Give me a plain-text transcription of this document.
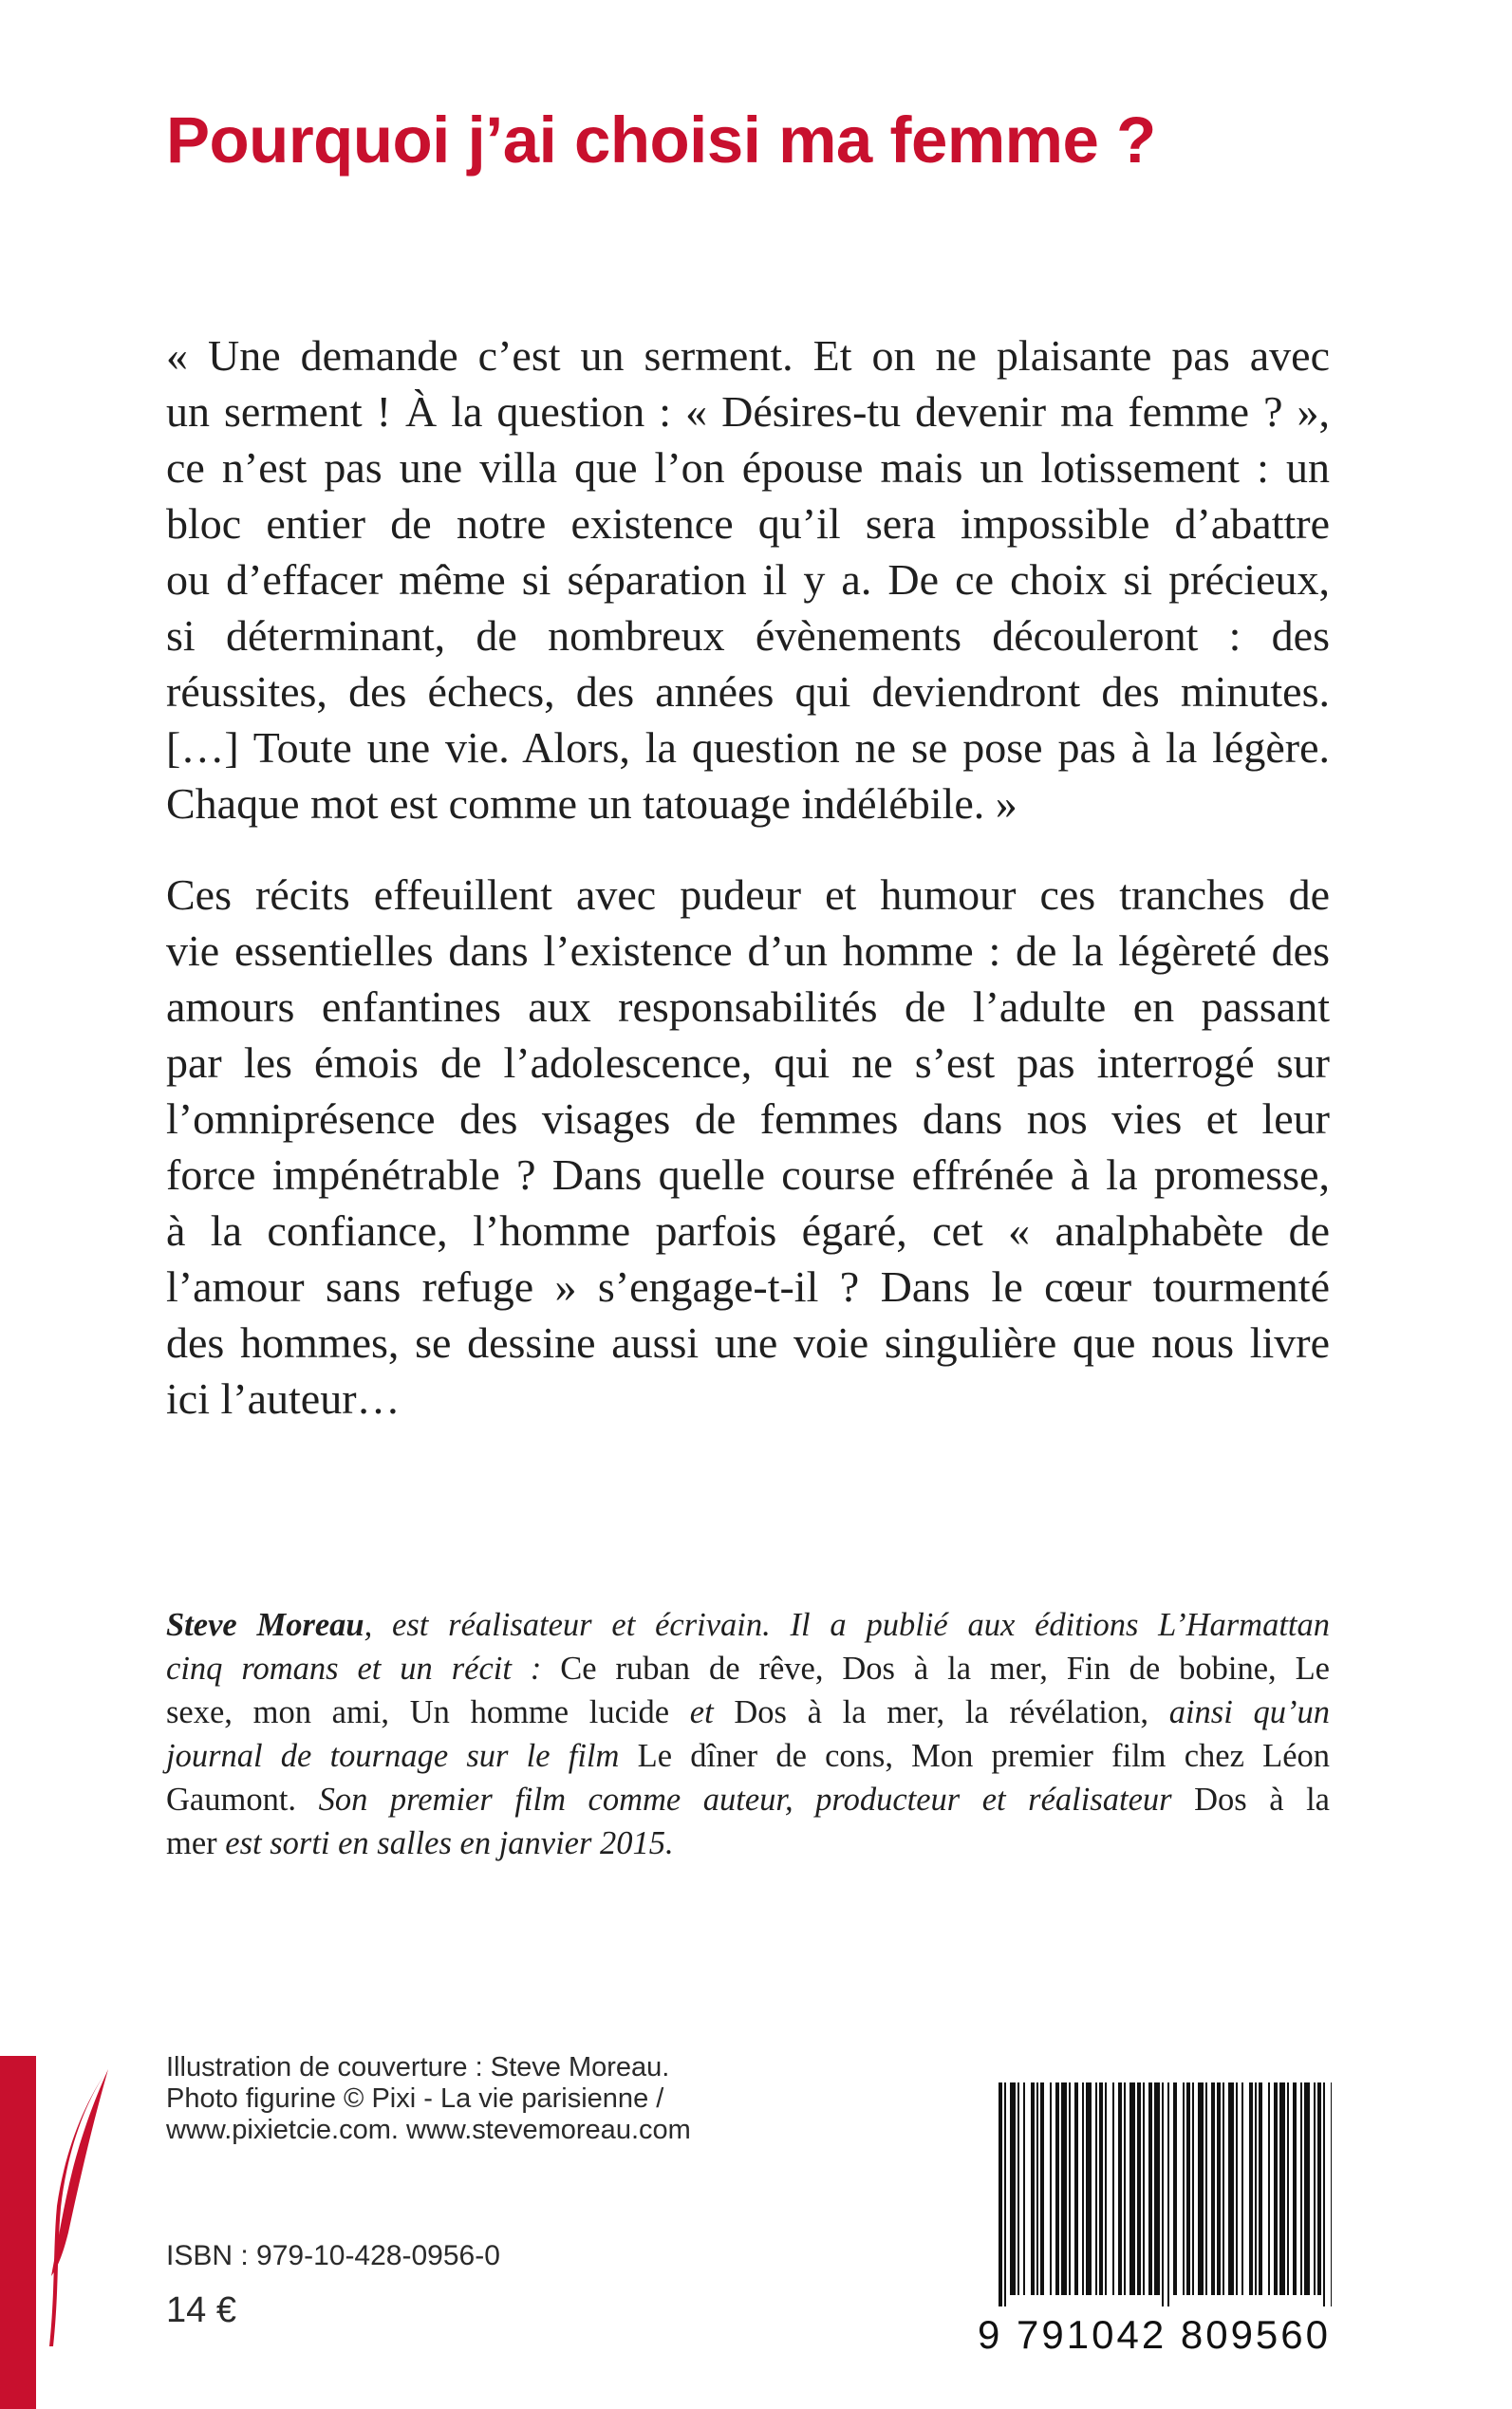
Pourquoi j’ai choisi ma femme ?

« Une demande c’est un serment. Et on ne plaisante pas avec
un serment ! À la question : « Désires-tu devenir ma femme ? »,
ce n’est pas une villa que l’on épouse mais un lotissement : un
bloc entier de notre existence qu’il sera impossible d’abattre
ou d’effacer même si séparation il y a. De ce choix si précieux,
si déterminant, de nombreux évènements découleront : des
réussites, des échecs, des années qui deviendront des minutes.
[…] Toute une vie. Alors, la question ne se pose pas à la légère.
Chaque mot est comme un tatouage indélébile. »

Ces récits effeuillent avec pudeur et humour ces tranches de
vie essentielles dans l’existence d’un homme : de la légèreté des
amours enfantines aux responsabilités de l’adulte en passant
par les émois de l’adolescence, qui ne s’est pas interrogé sur
l’omniprésence des visages de femmes dans nos vies et leur
force impénétrable ? Dans quelle course effrénée à la promesse,
à la confiance, l’homme parfois égaré, cet « analphabète de
l’amour sans refuge » s’engage-t-il ? Dans le cœur tourmenté
des hommes, se dessine aussi une voie singulière que nous livre
ici l’auteur…

Steve Moreau, est réalisateur et écrivain. Il a publié aux éditions L’Harmattan
cinq romans et un récit : Ce ruban de rêve, Dos à la mer, Fin de bobine, Le
sexe, mon ami, Un homme lucide et Dos à la mer, la révélation, ainsi qu’un
journal de tournage sur le film Le dîner de cons, Mon premier film chez Léon
Gaumont. Son premier film comme auteur, producteur et réalisateur Dos à la
mer est sorti en salles en janvier 2015.

Illustration de couverture : Steve Moreau.
Photo figurine © Pixi - La vie parisienne /
www.pixietcie.com. www.stevemoreau.com
ISBN : 979-10-428-0956-0
14 €
9 791042 809560
